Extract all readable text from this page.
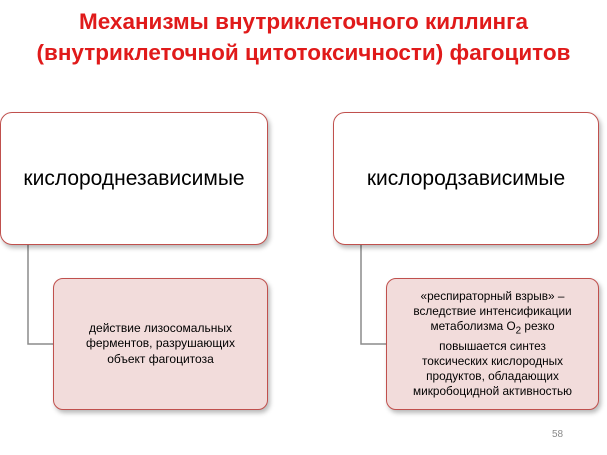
Механизмы внутриклеточного киллинга
(внутриклеточной цитотоксичности) фагоцитов
кислороднезависимые	кислородзависимые
действие лизосомальных
ферментов, разрушающих
объект фагоцитоза
«респираторный взрыв» –
вследствие интенсификации
метаболизма $О_2$ резко
повышается синтез
токсических кислородных
продуктов, обладающих
микробоцидной активностью
58
